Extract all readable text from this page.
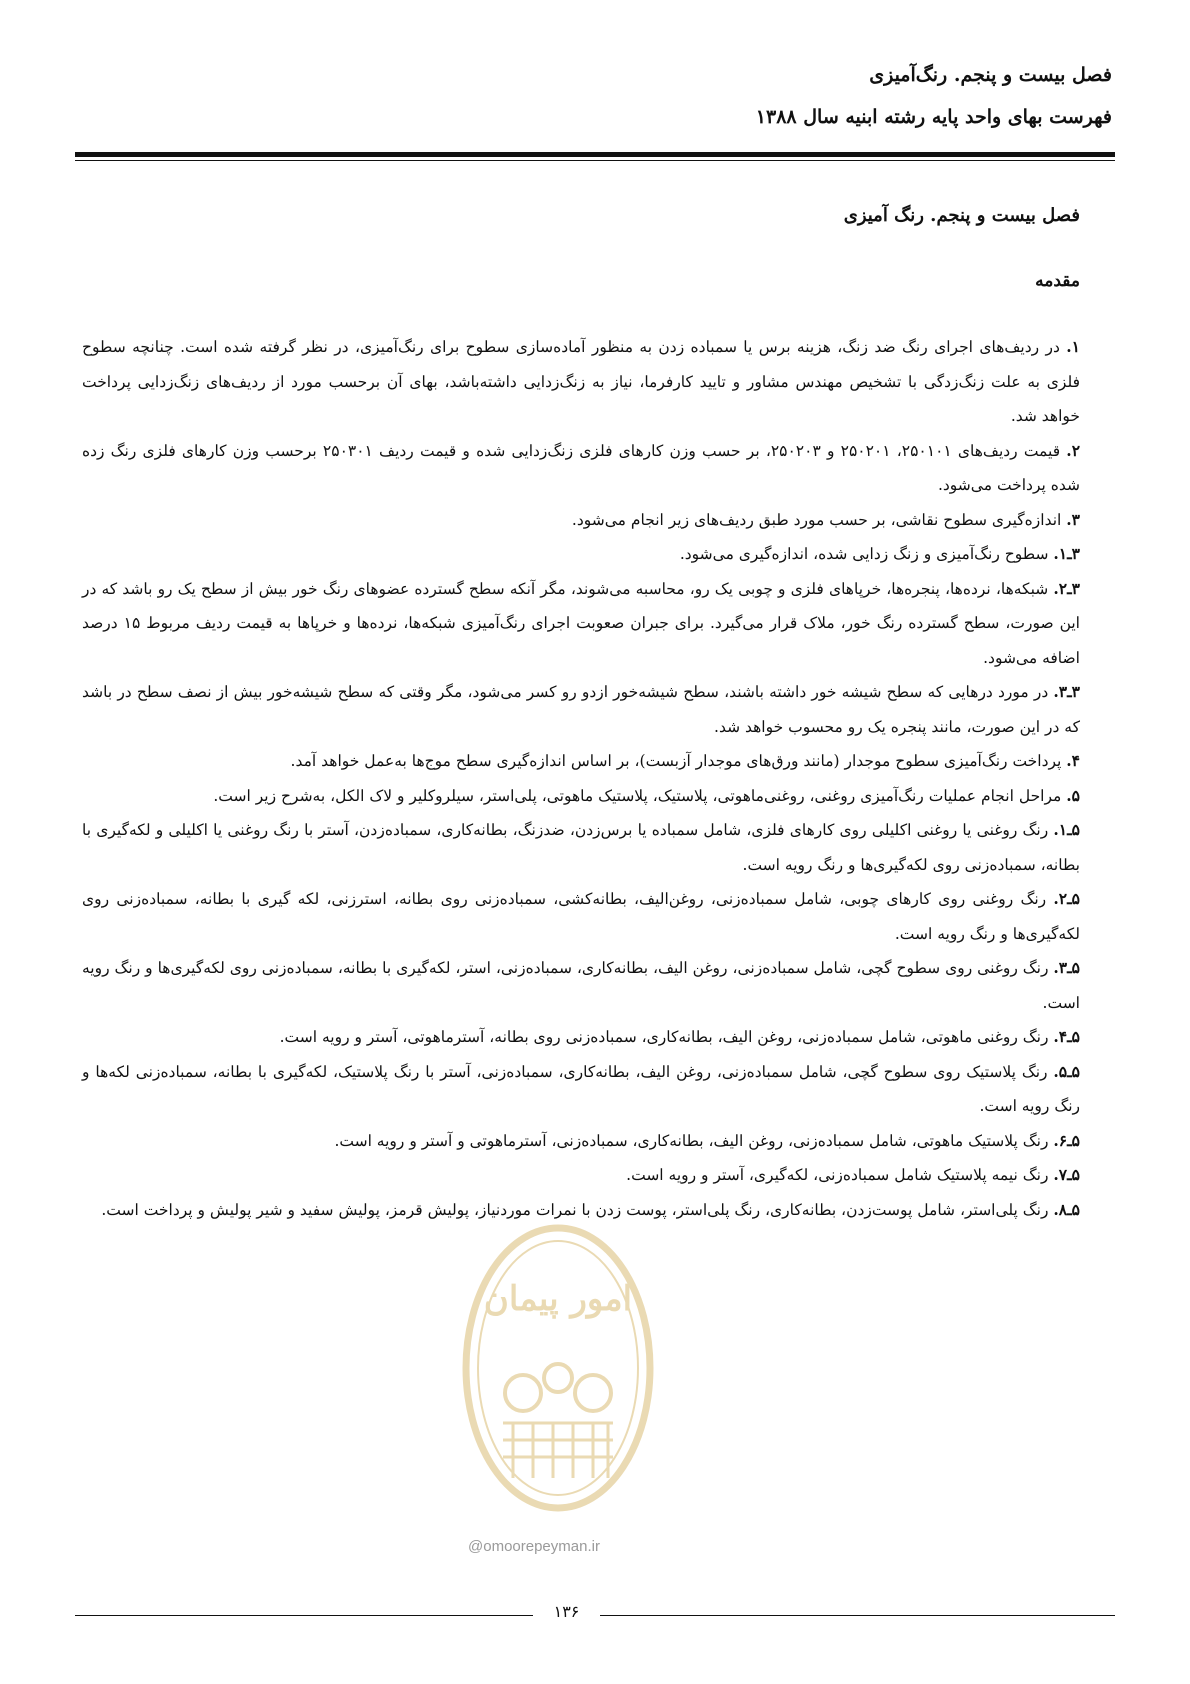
فصل بیست و پنجم. رنگ‌آمیزی
فهرست بهای واحد پایه رشته ابنیه سال ۱۳۸۸
فصل بیست و پنجم. رنگ آمیزی
مقدمه

۱. در ردیف‌های اجرای رنگ ضد زنگ، هزینه برس یا سمباده زدن به منظور آماده‌سازی سطوح برای رنگ‌آمیزی، در نظر گرفته شده است. چنانچه سطوح فلزی به علت زنگ‌زدگی با تشخیص مهندس مشاور و تایید کارفرما، نیاز به زنگ‌زدایی داشته‌باشد، بهای آن برحسب مورد از ردیف‌های زنگ‌زدایی پرداخت خواهد شد.

۲. قیمت ردیف‌های ۲۵۰۱۰۱، ۲۵۰۲۰۱ و ۲۵۰۲۰۳، بر حسب وزن کارهای فلزی زنگ‌زدایی شده و قیمت ردیف ۲۵۰۳۰۱ برحسب وزن کارهای فلزی رنگ زده شده پرداخت می‌شود.

۳. اندازه‌گیری سطوح نقاشی، بر حسب مورد طبق ردیف‌های زیر انجام می‌شود.

۳ـ۱. سطوح رنگ‌آمیزی و زنگ زدایی شده، اندازه‌گیری می‌شود.

۳ـ۲. شبکه‌ها، نرده‌ها، پنجره‌ها، خرپاهای فلزی و چوبی یک رو، محاسبه می‌شوند، مگر آنکه سطح گسترده عضوهای رنگ خور بیش از سطح یک رو باشد که در این صورت، سطح گسترده رنگ خور، ملاک قرار می‌گیرد. برای جبران صعوبت اجرای رنگ‌آمیزی شبکه‌ها، نرده‌ها و خرپاها به قیمت ردیف مربوط ۱۵ درصد اضافه می‌شود.

۳ـ۳. در مورد درهایی که سطح شیشه خور داشته باشند، سطح شیشه‌خور ازدو رو کسر می‌شود، مگر وقتی که سطح شیشه‌خور بیش از نصف سطح در باشد که در این صورت، مانند پنجره یک رو محسوب خواهد شد.

۴. پرداخت رنگ‌آمیزی سطوح موجدار (مانند ورق‌های موجدار آزبست)، بر اساس اندازه‌گیری سطح موج‌ها به‌عمل خواهد آمد.

۵. مراحل انجام عملیات رنگ‌آمیزی روغنی، روغنی‌ماهوتی، پلاستیک، پلاستیک ماهوتی، پلی‌استر، سیلروکلیر و لاک الکل، به‌شرح زیر است.

۵ـ۱. رنگ روغنی یا روغنی اکلیلی روی کارهای فلزی، شامل سمباده یا برس‌زدن، ضدزنگ، بطانه‌کاری، سمباده‌زدن، آستر با رنگ روغنی یا اکلیلی و لکه‌گیری با بطانه، سمباده‌زنی روی لکه‌گیری‌ها و رنگ رویه است.

۵ـ۲. رنگ روغنی روی کارهای چوبی، شامل سمباده‌زنی، روغن‌الیف، بطانه‌کشی، سمباده‌زنی روی بطانه، استرزنی، لکه گیری با بطانه، سمباده‌زنی روی لکه‌گیری‌ها و رنگ رویه است.

۵ـ۳. رنگ روغنی روی سطوح گچی، شامل سمباده‌زنی، روغن الیف، بطانه‌کاری، سمباده‌زنی، استر، لکه‌گیری با بطانه، سمباده‌زنی روی لکه‌گیری‌ها و رنگ رویه است.

۵ـ۴. رنگ روغنی ماهوتی، شامل سمباده‌زنی، روغن الیف، بطانه‌کاری، سمباده‌زنی روی بطانه، آسترماهوتی، آستر و رویه است.

۵ـ۵. رنگ پلاستیک روی سطوح گچی، شامل سمباده‌زنی، روغن الیف، بطانه‌کاری، سمباده‌زنی، آستر با رنگ پلاستیک، لکه‌گیری با بطانه، سمباده‌زنی لکه‌ها و رنگ رویه است.

۵ـ۶. رنگ پلاستیک ماهوتی، شامل سمباده‌زنی، روغن الیف، بطانه‌کاری، سمباده‌زنی، آسترماهوتی و آستر و رویه است.

۵ـ۷. رنگ نیمه پلاستیک شامل سمباده‌زنی، لکه‌گیری، آستر و رویه است.

۵ـ۸. رنگ پلی‌استر، شامل پوست‌زدن، بطانه‌کاری، رنگ پلی‌استر، پوست زدن با نمرات موردنیاز، پولیش قرمز، پولیش سفید و شیر پولیش و پرداخت است.

امور پیمان
@omoorepeyman.ir
۱۳۶
